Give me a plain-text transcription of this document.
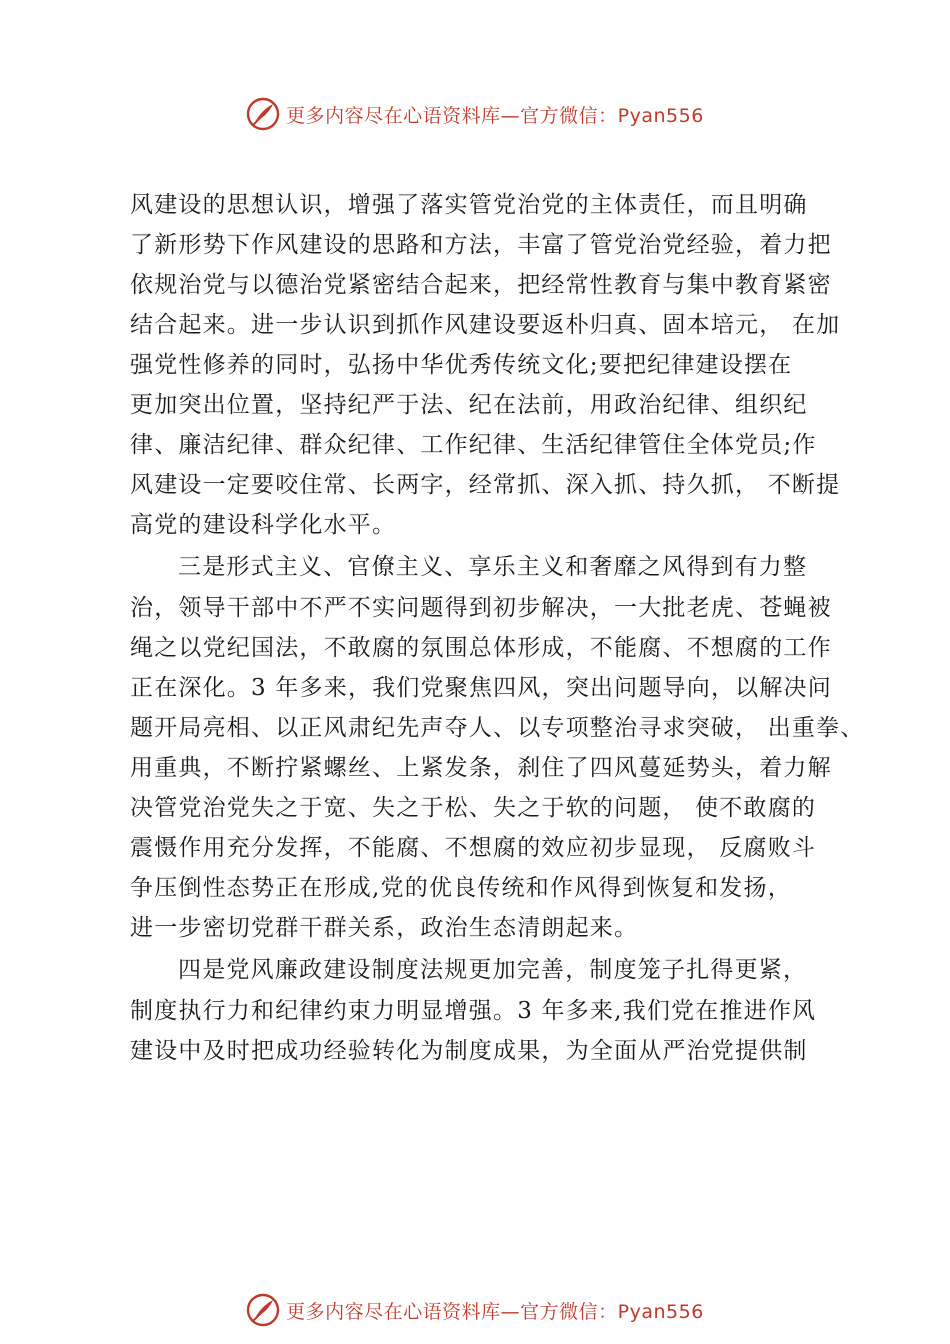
更多内容尽在心语资料库—官方微信：Pyan556
风建设的思想认识，增强了落实管党治党的主体责任，而且明确
了新形势下作风建设的思路和方法，丰富了管党治党经验，着力把
依规治党与以德治党紧密结合起来，把经常性教育与集中教育紧密
结合起来。进一步认识到抓作风建设要返朴归真、固本培元， 在加
强党性修养的同时，弘扬中华优秀传统文化;要把纪律建设摆在
更加突出位置，坚持纪严于法、纪在法前，用政治纪律、组织纪
律、廉洁纪律、群众纪律、工作纪律、生活纪律管住全体党员;作
风建设一定要咬住常、长两字，经常抓、深入抓、持久抓， 不断提
高党的建设科学化水平。
三是形式主义、官僚主义、享乐主义和奢靡之风得到有力整
治，领导干部中不严不实问题得到初步解决，一大批老虎、苍蝇被
绳之以党纪国法，不敢腐的氛围总体形成，不能腐、不想腐的工作
正在深化。3 年多来，我们党聚焦四风，突出问题导向，以解决问
题开局亮相、以正风肃纪先声夺人、以专项整治寻求突破， 出重拳、
用重典，不断拧紧螺丝、上紧发条，刹住了四风蔓延势头，着力解
决管党治党失之于宽、失之于松、失之于软的问题， 使不敢腐的
震慑作用充分发挥，不能腐、不想腐的效应初步显现， 反腐败斗
争压倒性态势正在形成,党的优良传统和作风得到恢复和发扬，
进一步密切党群干群关系，政治生态清朗起来。
四是党风廉政建设制度法规更加完善，制度笼子扎得更紧，
制度执行力和纪律约束力明显增强。3 年多来,我们党在推进作风
建设中及时把成功经验转化为制度成果，为全面从严治党提供制
更多内容尽在心语资料库—官方微信：Pyan556
